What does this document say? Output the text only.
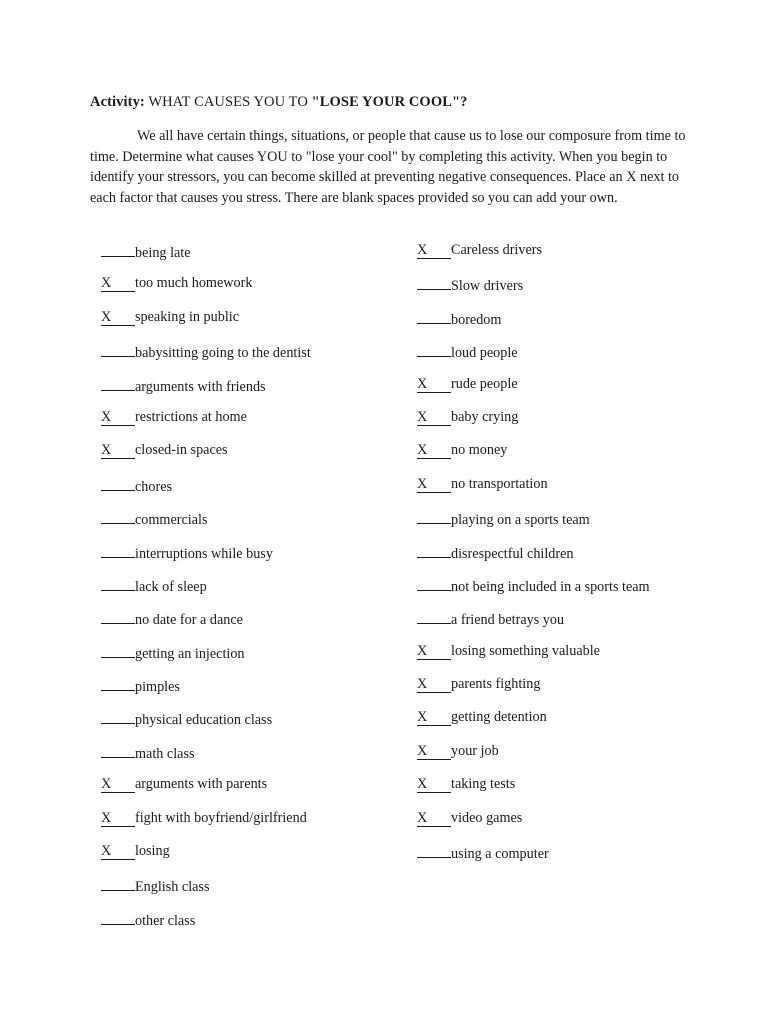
Activity: WHAT CAUSES YOU TO "LOSE YOUR COOL"?

We all have certain things, situations, or people that cause us to lose our composure from time to time. Determine what causes YOU to "lose your cool" by completing this activity. When you begin to identify your stressors, you can become skilled at preventing negative consequences. Place an X next to each factor that causes you stress. There are blank spaces provided so you can add your own.

being late
X too much homework
X speaking in public
babysitting going to the dentist
arguments with friends
X restrictions at home
X closed-in spaces
chores
commercials
interruptions while busy
lack of sleep
no date for a dance
getting an injection
pimples
physical education class
math class
X arguments with parents
X fight with boyfriend/girlfriend
X losing
English class
other class
X Careless drivers
Slow drivers
boredom
loud people
X rude people
X baby crying
X no money
X no transportation
playing on a sports team
disrespectful children
not being included in a sports team
a friend betrays you
X losing something valuable
X parents fighting
X getting detention
X your job
X taking tests
X video games
using a computer
